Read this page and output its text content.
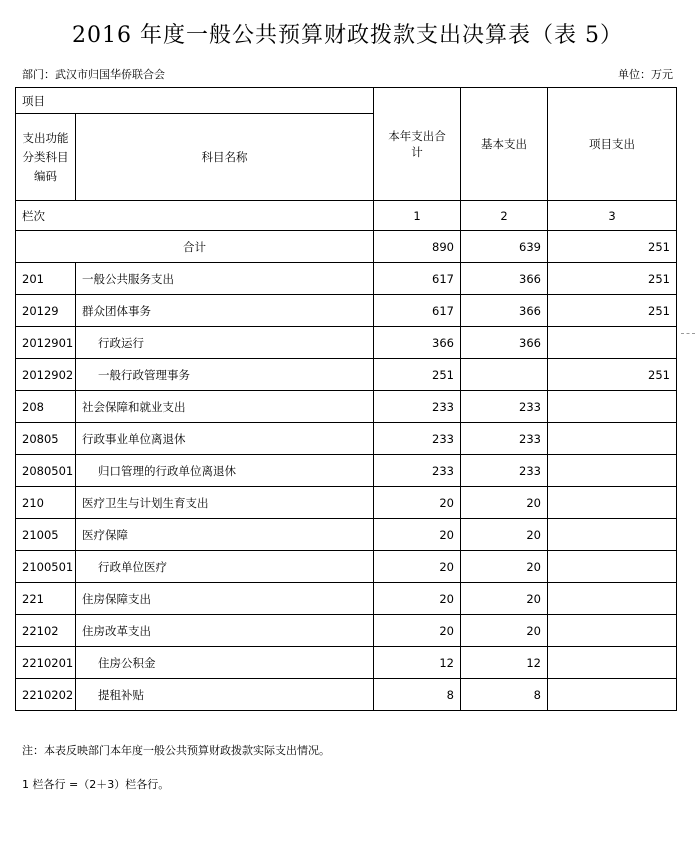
2016 年度一般公共预算财政拨款支出决算表（表 5）
部门：武汉市归国华侨联合会	单位：万元
项目		本年支出合计	基本支出	项目支出
支出功能分类科目编码	科目名称			
栏次		1	2	3
合计		890	639	251
201	一般公共服务支出	617	366	251
20129	群众团体事务	617	366	251
2012901	行政运行	366	366	
2012902	一般行政管理事务	251		251
208	社会保障和就业支出	233	233	
20805	行政事业单位离退休	233	233	
2080501	归口管理的行政单位离退休	233	233	
210	医疗卫生与计划生育支出	20	20	
21005	医疗保障	20	20	
2100501	行政单位医疗	20	20	
221	住房保障支出	20	20	
22102	住房改革支出	20	20	
2210201	住房公积金	12	12	
2210202	提租补贴	8	8	
注：本表反映部门本年度一般公共预算财政拨款实际支出情况。
1 栏各行 =（2＋3）栏各行。
